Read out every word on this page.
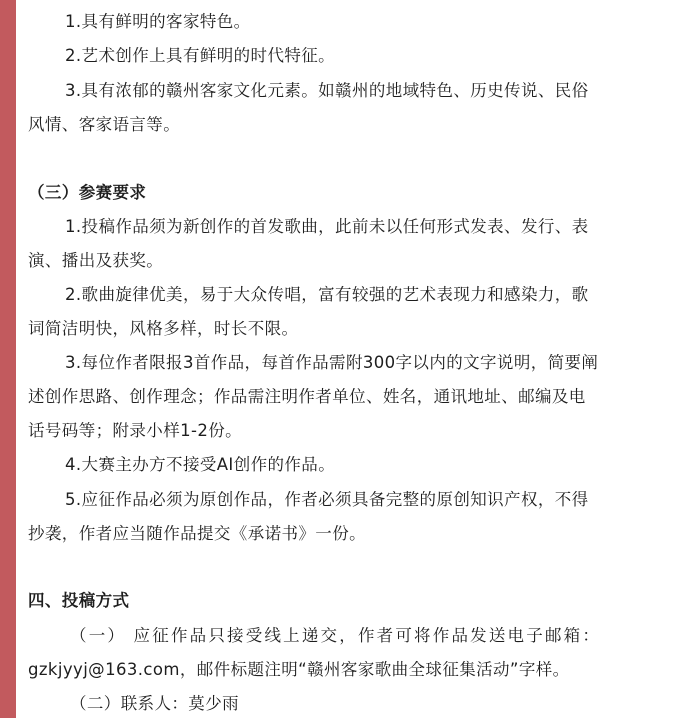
1.具有鲜明的客家特色。
2.艺术创作上具有鲜明的时代特征。
3.具有浓郁的赣州客家文化元素。如赣州的地域特色、历史传说、民俗
风情、客家语言等。
（三）参赛要求
1.投稿作品须为新创作的首发歌曲，此前未以任何形式发表、发行、表
演、播出及获奖。
2.歌曲旋律优美，易于大众传唱，富有较强的艺术表现力和感染力，歌
词简洁明快，风格多样，时长不限。
3.每位作者限报3首作品，每首作品需附300字以内的文字说明，简要阐
述创作思路、创作理念；作品需注明作者单位、姓名，通讯地址、邮编及电
话号码等；附录小样1-2份。
4.大赛主办方不接受AI创作的作品。
5.应征作品必须为原创作品，作者必须具备完整的原创知识产权，不得
抄袭，作者应当随作品提交《承诺书》一份。
四、投稿方式
（一） 应征作品只接受线上递交，作者可将作品发送电子邮箱：
gzkjyyj@163.com，邮件标题注明“赣州客家歌曲全球征集活动”字样。
（二）联系人：莫少雨
